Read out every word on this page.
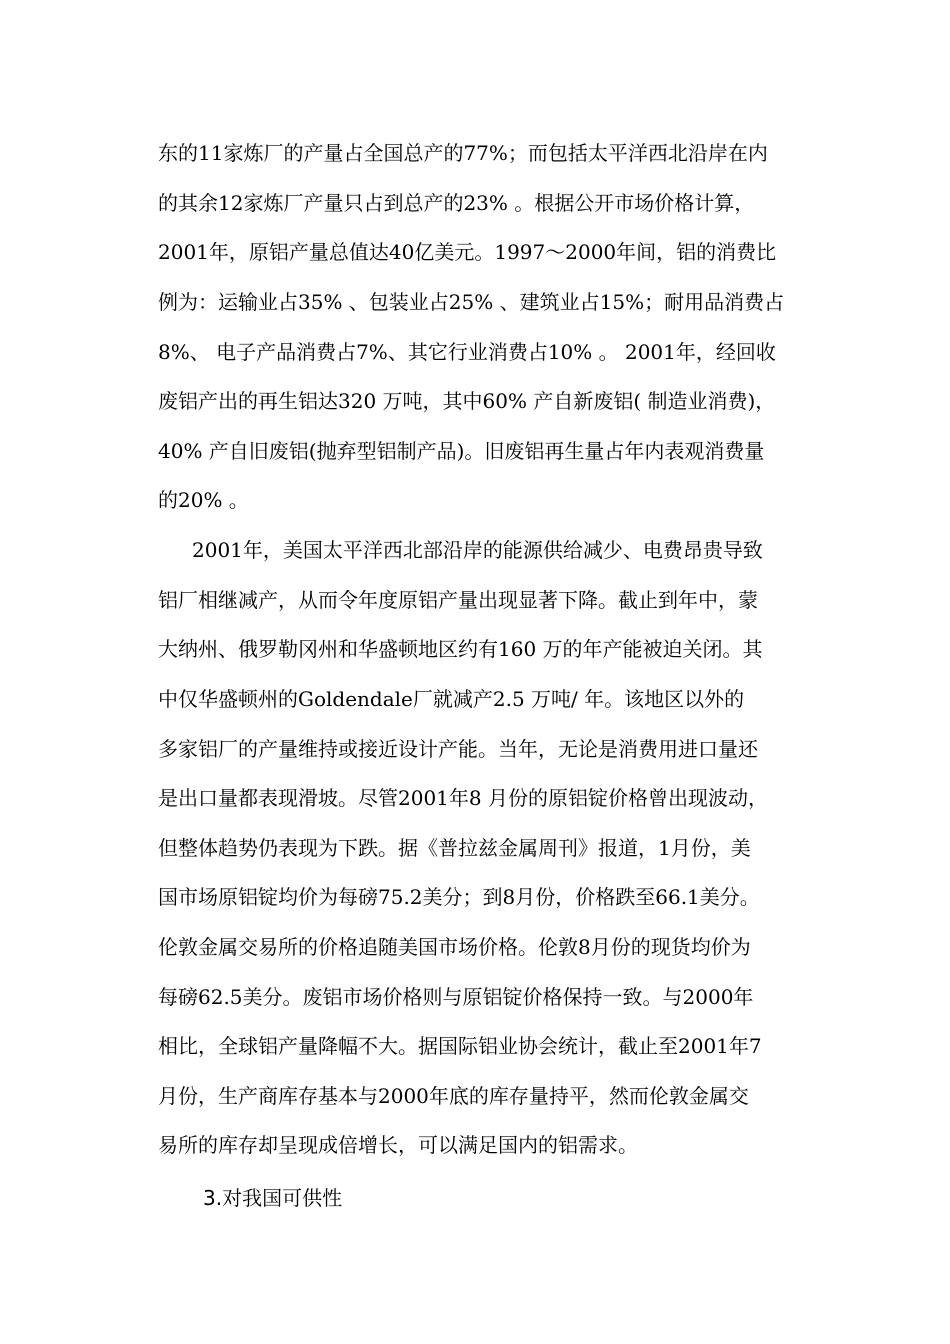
东的11家炼厂的产量占全国总产的77%；而包括太平洋西北沿岸在内
的其余12家炼厂产量只占到总产的23% 。根据公开市场价格计算，
2001年，原铝产量总值达40亿美元。1997～2000年间，铝的消费比
例为：运输业占35% 、包装业占25% 、建筑业占15%；耐用品消费占
8%、 电子产品消费占7%、其它行业消费占10% 。 2001年，经回收
废铝产出的再生铝达320 万吨，其中60% 产自新废铝( 制造业消费)，
40% 产自旧废铝(抛弃型铝制产品)。旧废铝再生量占年内表观消费量
的20% 。
2001年，美国太平洋西北部沿岸的能源供给减少、电费昂贵导致
铝厂相继减产，从而令年度原铝产量出现显著下降。截止到年中，蒙
大纳州、俄罗勒冈州和华盛顿地区约有160 万的年产能被迫关闭。其
中仅华盛顿州的Goldendale厂就减产2.5 万吨/ 年。该地区以外的
多家铝厂的产量维持或接近设计产能。当年，无论是消费用进口量还
是出口量都表现滑坡。尽管2001年8 月份的原铝锭价格曾出现波动，
但整体趋势仍表现为下跌。据《普拉兹金属周刊》报道，1月份，美
国市场原铝锭均价为每磅75.2美分；到8月份，价格跌至66.1美分。
伦敦金属交易所的价格追随美国市场价格。伦敦8月份的现货均价为
每磅62.5美分。废铝市场价格则与原铝锭价格保持一致。与2000年
相比，全球铝产量降幅不大。据国际铝业协会统计，截止至2001年7
月份，生产商库存基本与2000年底的库存量持平，然而伦敦金属交
易所的库存却呈现成倍增长，可以满足国内的铝需求。
3.对我国可供性
